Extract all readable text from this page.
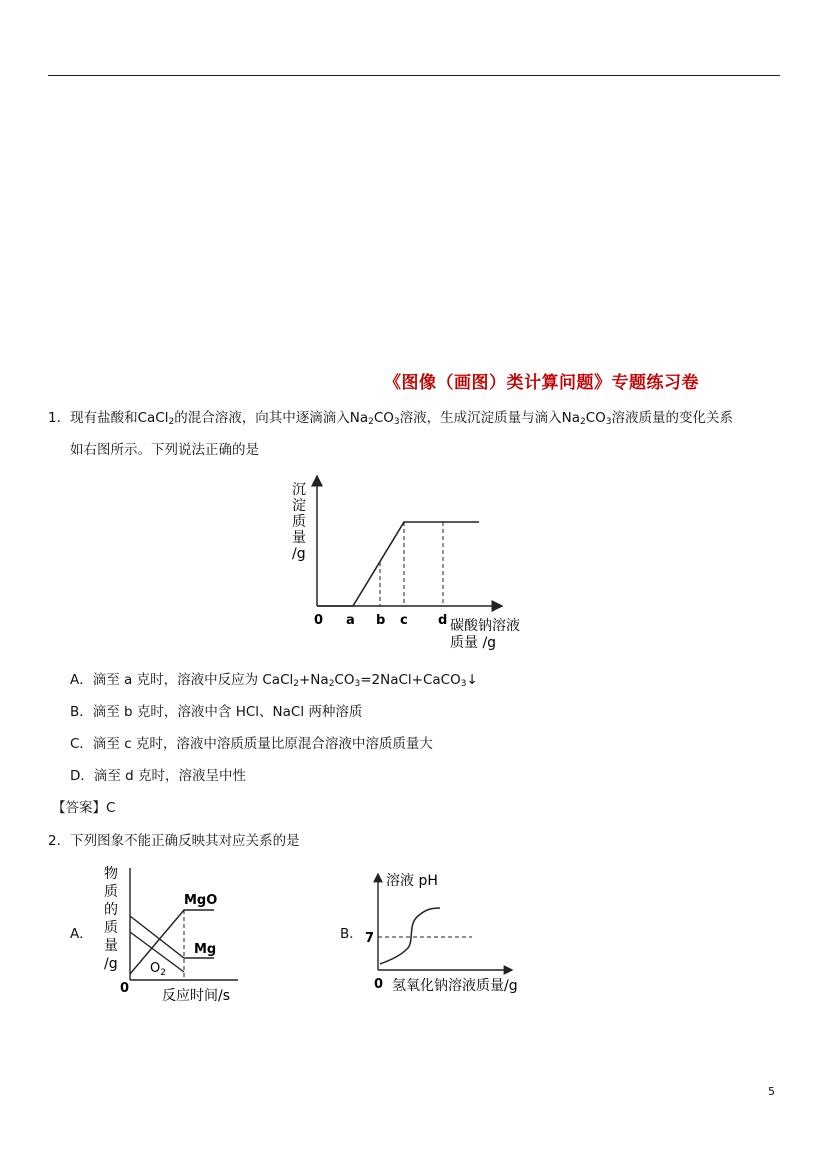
《图像（画图）类计算问题》专题练习卷
1．现有盐酸和CaCl$_2$的混合溶液，向其中逐滴滴入$Na_2CO_3$溶液，生成沉淀质量与滴入$Na_2CO_3$溶液质量的变化关系
如右图所示。下列说法正确的是
沉
淀
质
量
/g
0 a b c d 碳酸钠溶液
质量 /g
A．滴至 a 克时，溶液中反应为 $CaCl_2+Na_2CO_3=2NaCl+CaCO_3↓$
B．滴至 b 克时，溶液中含 HCl、NaCl 两种溶质
C．滴至 c 克时，溶液中溶质质量比原混合溶液中溶质质量大
D．滴至 d 克时，溶液呈中性
【答案】C
2．下列图象不能正确反映其对应关系的是
A．
物
质
的
质
量
/g
0 反应时间/s
MgO
Mg
$O_2$
B．
溶液 pH
7
0 氢氧化钠溶液质量/g
5
